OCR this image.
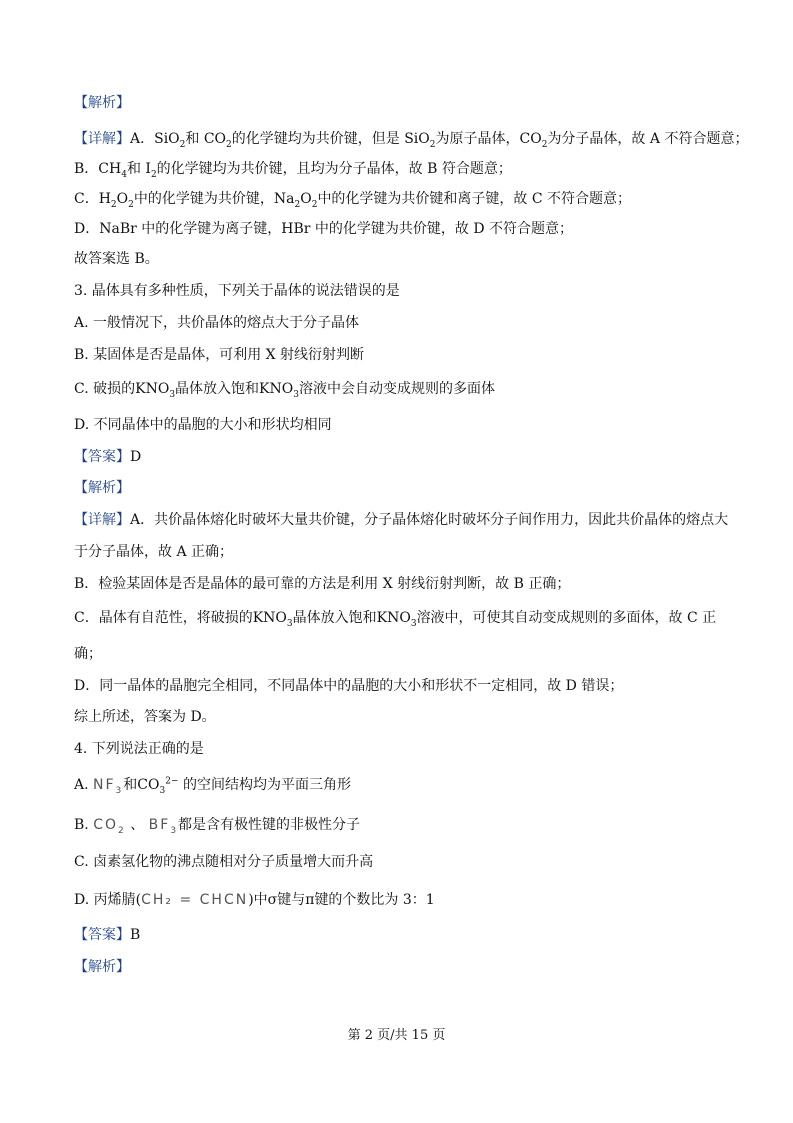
【解析】
【详解】A．SiO$_2$和 $CO_2$的化学键均为共价键，但是 SiO$_2$为原子晶体，$CO_2$为分子晶体，故 A 不符合题意；
B．$CH_4$和 $I_2$的化学键均为共价键，且均为分子晶体，故 B 符合题意；
C．$H_2O_2$中的化学键为共价键，$Na_2O_2$中的化学键为共价键和离子键，故 C 不符合题意；
D．NaBr 中的化学键为离子键，HBr 中的化学键为共价键，故 D 不符合题意；
故答案选 B。
3. 晶体具有多种性质，下列关于晶体的说法错误的是
A. 一般情况下，共价晶体的熔点大于分子晶体
B. 某固体是否是晶体，可利用 X 射线衍射判断
C. 破损的$KNO_3$晶体放入饱和$KNO_3$溶液中会自动变成规则的多面体
D. 不同晶体中的晶胞的大小和形状均相同
【答案】D
【解析】
【详解】A．共价晶体熔化时破坏大量共价键，分子晶体熔化时破坏分子间作用力，因此共价晶体的熔点大
于分子晶体，故 A 正确；
B．检验某固体是否是晶体的最可靠的方法是利用 X 射线衍射判断，故 B 正确；
C．晶体有自范性，将破损的$KNO_3$晶体放入饱和$KNO_3$溶液中，可使其自动变成规则的多面体，故 C 正
确；
D．同一晶体的晶胞完全相同，不同晶体中的晶胞的大小和形状不一定相同，故 D 错误；
综上所述，答案为 D。
4. 下列说法正确的是
A. $NF_3$和$CO_3^{2-}$ 的空间结构均为平面三角形
B. $CO_2$ 、 $BF_3$都是含有极性键的非极性分子
C. 卤素氢化物的沸点随相对分子质量增大而升高
D. 丙烯腈(CH₂ = CHCN)中σ键与π键的个数比为 3：1
【答案】B
【解析】
第 2 页/共 15 页
